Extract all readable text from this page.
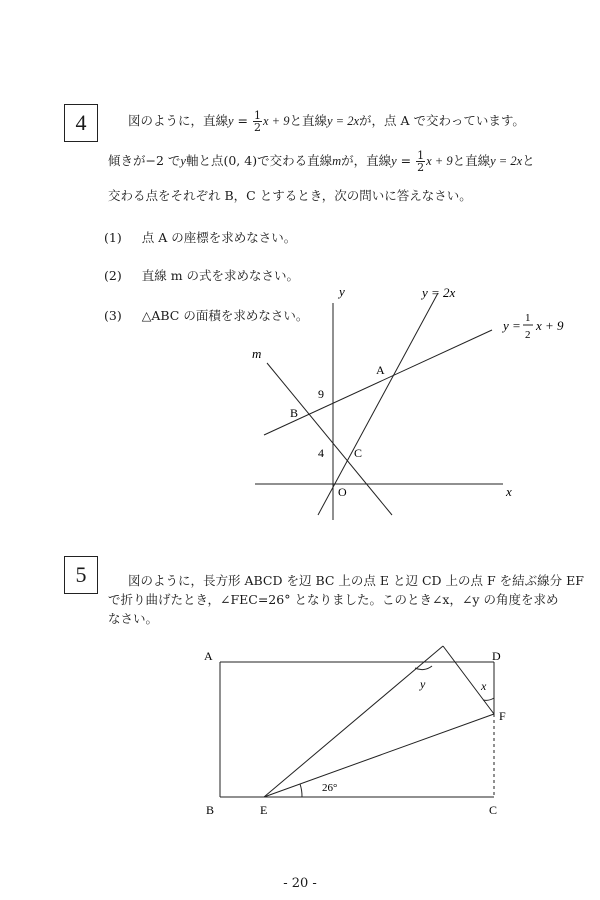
4	図のように，直線$y = \frac{1}{2}$ x + 9と直線y = 2xが，点 A で交わっています。
傾きが−2 でy軸と点(0, 4)で交わる直線mが，直線$y = \frac{1}{2}$ x + 9と直線y = 2xと
交わる点をそれぞれ B，C とするとき，次の問いに答えなさい。
(1) 点 A の座標を求めなさい。
(2) 直線 m の式を求めなさい。
(3) △ABC の面積を求めなさい。
y
x
O
m
y = 2x
y = 1
2
x + 9
A
B
C
9
4
5	図のように，長方形 ABCD を辺 BC 上の点 E と辺 CD 上の点 F を結ぶ線分 EF
で折り曲げたとき，∠FEC=26° となりました。このとき∠x，∠y の角度を求め
なさい。
A	D
B	E	C
F
y	x
26°
- 20 -
